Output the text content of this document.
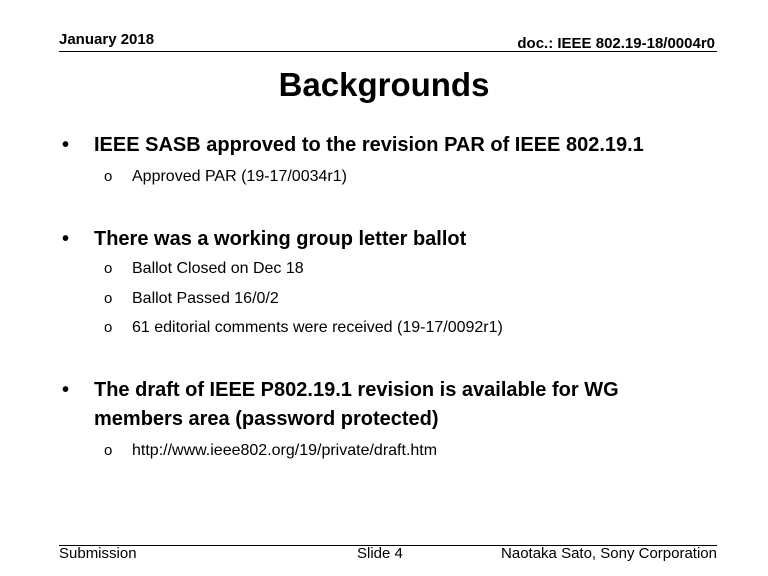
January 2018	doc.: IEEE 802.19-18/0004r0
Backgrounds
• IEEE SASB approved to the revision PAR of IEEE 802.19.1
o Approved PAR (19-17/0034r1)
• There was a working group letter ballot
o Ballot Closed on Dec 18
o Ballot Passed 16/0/2
o 61 editorial comments were received (19-17/0092r1)
• The draft of IEEE P802.19.1 revision is available for WG
members area (password protected)
o http://www.ieee802.org/19/private/draft.htm
Submission	Slide 4	Naotaka Sato, Sony Corporation
